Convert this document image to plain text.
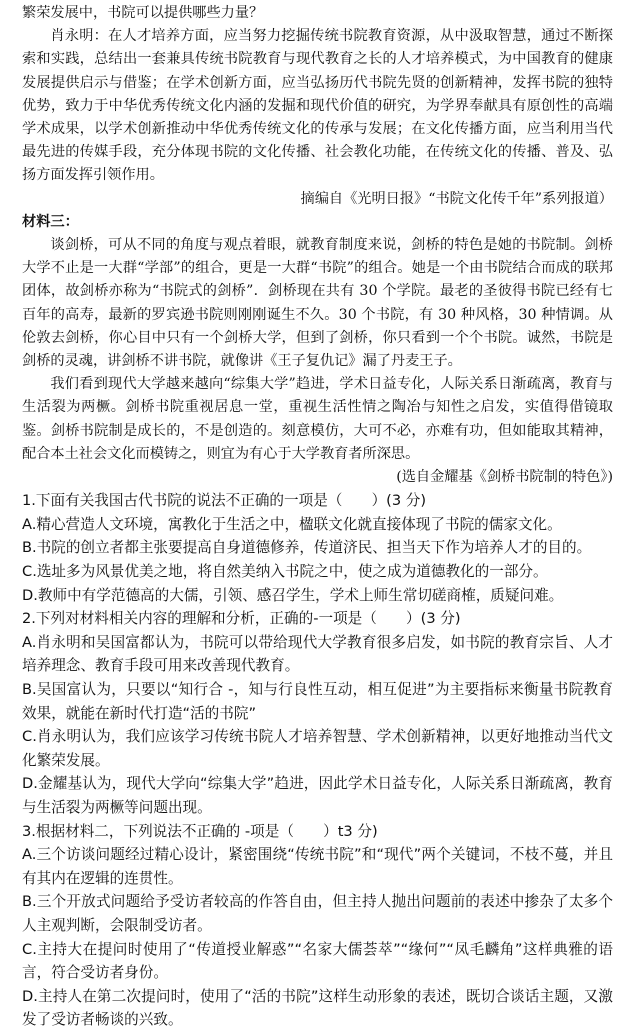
繁荣发展中，书院可以提供哪些力量？

肖永明：在人才培养方面，应当努力挖掘传统书院教育资源，从中汲取智慧，通过不断探索和实践，总结出一套兼具传统书院教育与现代教育之长的人才培养模式，为中国教育的健康发展提供启示与借鉴；在学术创新方面，应当弘扬历代书院先贤的创新精神，发挥书院的独特优势，致力于中华优秀传统文化内涵的发掘和现代价值的研究，为学界奉献具有原创性的高端学术成果，以学术创新推动中华优秀传统文化的传承与发展；在文化传播方面，应当利用当代最先进的传媒手段，充分体现书院的文化传播、社会教化功能，在传统文化的传播、普及、弘扬方面发挥引领作用。

摘编自《光明日报》“书院文化传千年”系列报道）

材料三：

谈剑桥，可从不同的角度与观点着眼，就教育制度来说，剑桥的特色是她的书院制。剑桥大学不止是一大群“学部”的组合，更是一大群“书院”的组合。她是一个由书院结合而成的联邦团体，故剑桥亦称为“书院式的剑桥”．剑桥现在共有 30 个学院。最老的圣彼得书院已经有七百年的高寿，最新的罗宾逊书院则刚刚诞生不久。30 个书院，有 30 种风格，30 种情调。从伦敦去剑桥，你心目中只有一个剑桥大学，但到了剑桥，你只看到一个个书院。诚然，书院是剑桥的灵魂，讲剑桥不讲书院，就像讲《王子复仇记》漏了丹麦王子。

我们看到现代大学越来越向“综集大学”趋进，学术日益专化，人际关系日渐疏离，教育与生活裂为两橛。剑桥书院重视居息一堂，重视生活性情之陶冶与知性之启发，实值得借镜取鉴。剑桥书院制是成长的，不是创造的。刻意模仿，大可不必，亦难有功，但如能取其精神，配合本土社会文化而模铸之，则宜为有心于大学教育者所深思。

(选自金耀基《剑桥书院制的特色》)

1.下面有关我国古代书院的说法不正确的一项是（　　）(3 分)

A.精心营造人文环境，寓教化于生活之中，楹联文化就直接体现了书院的儒家文化。

B.书院的创立者都主张要提高自身道德修养，传道济民、担当天下作为培养人才的目的。

C.选址多为风景优美之地，将自然美纳入书院之中，使之成为道德教化的一部分。

D.教师中有学范德高的大儒，引领、感召学生，学术上师生常切磋商榷，质疑问难。

2.下列对材料相关内容的理解和分析，正确的-一项是（　　）(3 分)

A.肖永明和吴国富都认为，书院可以带给现代大学教育很多启发，如书院的教育宗旨、人才培养理念、教育手段可用来改善现代教育。

B.吴国富认为，只要以“知行合 -，知与行良性互动，相互促进”为主要指标来衡量书院教育效果，就能在新时代打造“活的书院”

C.肖永明认为，我们应该学习传统书院人才培养智慧、学术创新精神，以更好地推动当代文化繁荣发展。

D.金耀基认为，现代大学向“综集大学”趋进，因此学术日益专化，人际关系日渐疏离，教育与生活裂为两橛等问题出现。

3.根据材料二，下列说法不正确的 -项是（　　）t3 分)

A.三个访谈问题经过精心设计，紧密围绕“传统书院”和“现代”两个关键词，不枝不蔓，并且有其内在逻辑的连贯性。

B.三个开放式问题给予受访者较高的作答自由，但主持人抛出问题前的表述中掺杂了太多个人主观判断，会限制受访者。

C.主持大在提问时使用了“传道授业解惑”“名家大儒荟萃”“缘何”“凤毛麟角”这样典雅的语言，符合受访者身份。

D.主持人在第二次提问时，使用了“活的书院”这样生动形象的表述，既切合谈话主题，又激发了受访者畅谈的兴致。
